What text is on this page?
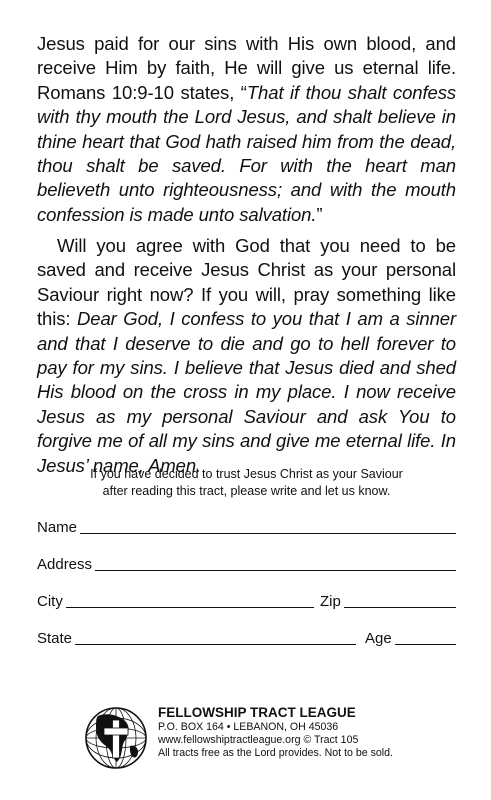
Jesus paid for our sins with His own blood, and receive Him by faith, He will give us eternal life. Romans 10:9-10 states, “That if thou shalt confess with thy mouth the Lord Jesus, and shalt believe in thine heart that God hath raised him from the dead, thou shalt be saved. For with the heart man believeth unto righteousness; and with the mouth confession is made unto salvation.”
Will you agree with God that you need to be saved and receive Jesus Christ as your personal Saviour right now? If you will, pray something like this: Dear God, I confess to you that I am a sinner and that I deserve to die and go to hell forever to pay for my sins. I believe that Jesus died and shed His blood on the cross in my place. I now receive Jesus as my personal Saviour and ask You to forgive me of all my sins and give me eternal life. In Jesus’ name, Amen.
If you have decided to trust Jesus Christ as your Saviour
after reading this tract, please write and let us know.
Name
Address
City	Zip
State	Age
FELLOWSHIP TRACT LEAGUE
P.O. BOX 164 • LEBANON, OH 45036
www.fellowshiptractleague.org © Tract 105
All tracts free as the Lord provides. Not to be sold.
